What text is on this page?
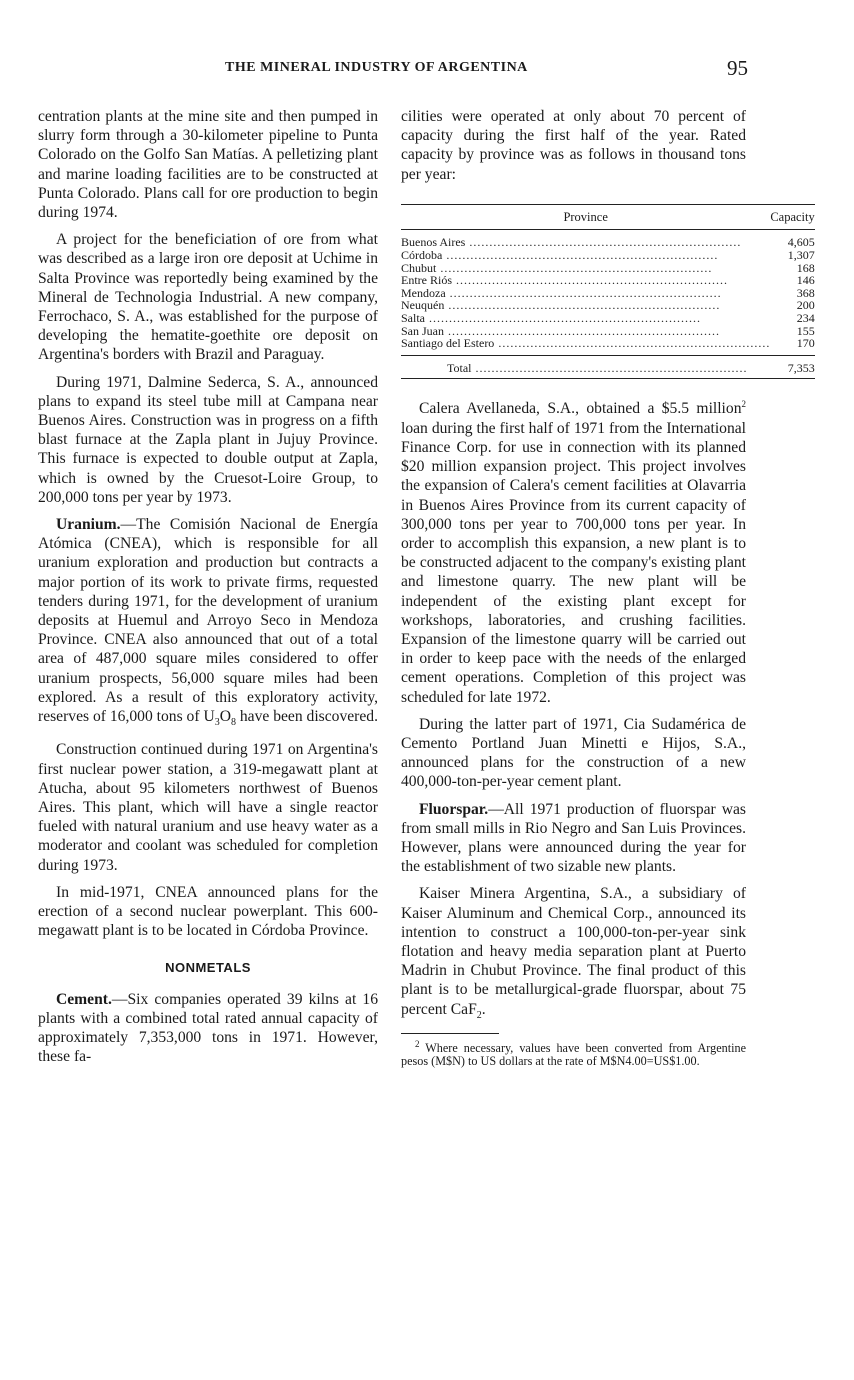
THE MINERAL INDUSTRY OF ARGENTINA	95

centration plants at the mine site and then pumped in slurry form through a 30-kilometer pipeline to Punta Colorado on the Golfo San Matías. A pelletizing plant and marine loading facilities are to be constructed at Punta Colorado. Plans call for ore production to begin during 1974.

A project for the beneficiation of ore from what was described as a large iron ore deposit at Uchime in Salta Province was reportedly being examined by the Mineral de Technologia Industrial. A new company, Ferrochaco, S. A., was established for the purpose of developing the hematite-goethite ore deposit on Argentina's borders with Brazil and Paraguay.

During 1971, Dalmine Sederca, S. A., announced plans to expand its steel tube mill at Campana near Buenos Aires. Construction was in progress on a fifth blast furnace at the Zapla plant in Jujuy Province. This furnace is expected to double output at Zapla, which is owned by the Cruesot-Loire Group, to 200,000 tons per year by 1973.

Uranium.—The Comisión Nacional de Energía Atómica (CNEA), which is responsible for all uranium exploration and production but contracts a major portion of its work to private firms, requested tenders during 1971, for the development of uranium deposits at Huemul and Arroyo Seco in Mendoza Province. CNEA also announced that out of a total area of 487,000 square miles considered to offer uranium prospects, 56,000 square miles had been explored. As a result of this exploratory activity, reserves of 16,000 tons of $U_3O_8$ have been discovered.

Construction continued during 1971 on Argentina's first nuclear power station, a 319-megawatt plant at Atucha, about 95 kilometers northwest of Buenos Aires. This plant, which will have a single reactor fueled with natural uranium and use heavy water as a moderator and coolant was scheduled for completion during 1973.

In mid-1971, CNEA announced plans for the erection of a second nuclear powerplant. This 600-megawatt plant is to be located in Córdoba Province.

NONMETALS

Cement.—Six companies operated 39 kilns at 16 plants with a combined total rated annual capacity of approximately 7,353,000 tons in 1971. However, these fa-

cilities were operated at only about 70 percent of capacity during the first half of the year. Rated capacity by province was as follows in thousand tons per year:

Province	Capacity
Buenos Aires .....	4,605
Córdoba .....	1,307
Chubut .....	168
Entre Riós .....	146
Mendoza .....	368
Neuquén .....	200
Salta .....	234
San Juan .....	155
Santiago del Estero .....	170
Total .....	7,353

Calera Avellaneda, S.A., obtained a $5.5 million$^2$ loan during the first half of 1971 from the International Finance Corp. for use in connection with its planned $20 million expansion project. This project involves the expansion of Calera's cement facilities at Olavarria in Buenos Aires Province from its current capacity of 300,000 tons per year to 700,000 tons per year. In order to accomplish this expansion, a new plant is to be constructed adjacent to the company's existing plant and limestone quarry. The new plant will be independent of the existing plant except for workshops, laboratories, and crushing facilities. Expansion of the limestone quarry will be carried out in order to keep pace with the needs of the enlarged cement operations. Completion of this project was scheduled for late 1972.

During the latter part of 1971, Cia Sudamérica de Cemento Portland Juan Minetti e Hijos, S.A., announced plans for the construction of a new 400,000-ton-per-year cement plant.

Fluorspar.—All 1971 production of fluorspar was from small mills in Rio Negro and San Luis Provinces. However, plans were announced during the year for the establishment of two sizable new plants.

Kaiser Minera Argentina, S.A., a subsidiary of Kaiser Aluminum and Chemical Corp., announced its intention to construct a 100,000-ton-per-year sink flotation and heavy media separation plant at Puerto Madrin in Chubut Province. The final product of this plant is to be metallurgical-grade fluorspar, about 75 percent CaF$_2$.

$^2$ Where necessary, values have been converted from Argentine pesos (M$N) to US dollars at the rate of M$N4.00=US$1.00.
